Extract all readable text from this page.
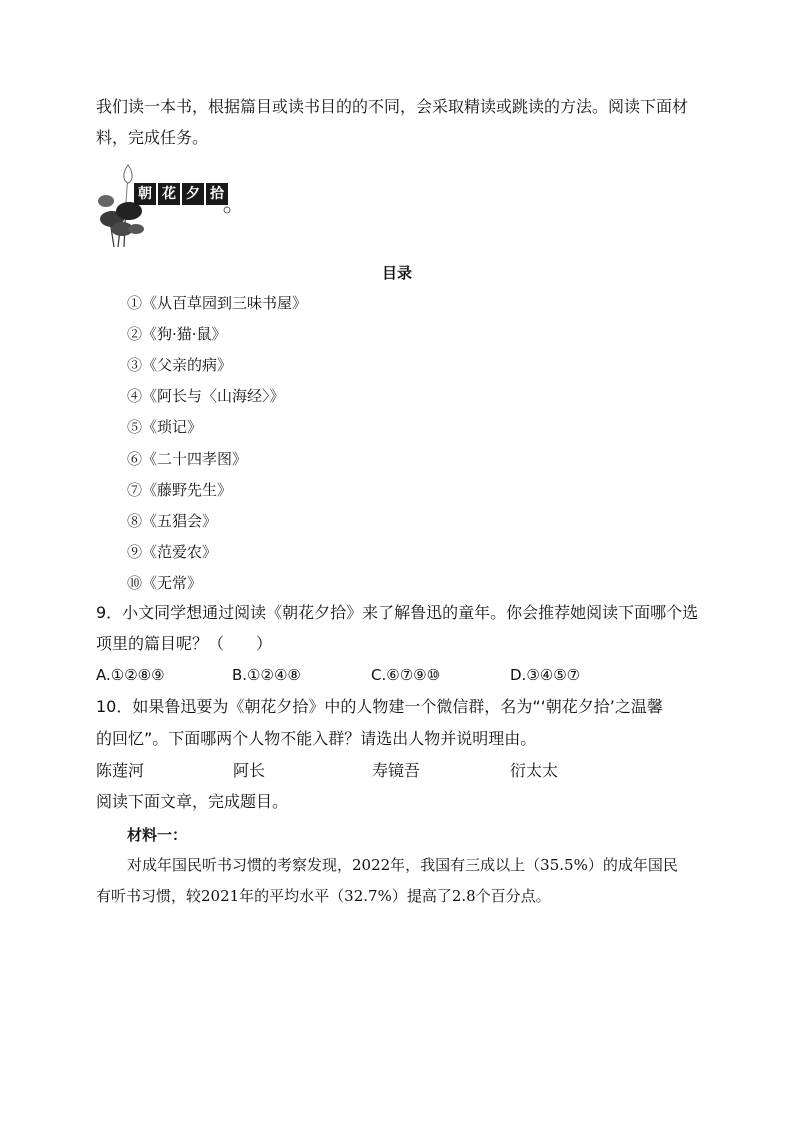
我们读一本书，根据篇目或读书目的的不同，会采取精读或跳读的方法。阅读下面材
料，完成任务。
朝 花 夕 拾
目录
①《从百草园到三味书屋》
②《狗·猫·鼠》
③《父亲的病》
④《阿长与〈山海经〉》
⑤《琐记》
⑥《二十四孝图》
⑦《藤野先生》
⑧《五猖会》
⑨《范爱农》
⑩《无常》
9．小文同学想通过阅读《朝花夕拾》来了解鲁迅的童年。你会推荐她阅读下面哪个选
项里的篇目呢？（　　）
A.①②⑧⑨	B.①②④⑧	C.⑥⑦⑨⑩	D.③④⑤⑦
10．如果鲁迅要为《朝花夕拾》中的人物建一个微信群，名为“‘朝花夕拾’之温馨
的回忆”。下面哪两个人物不能入群？请选出人物并说明理由。
陈莲河	阿长	寿镜吾	衍太太
阅读下面文章，完成题目。
材料一：
对成年国民听书习惯的考察发现，2022年，我国有三成以上（35.5%）的成年国民
有听书习惯，较2021年的平均水平（32.7%）提高了2.8个百分点。
